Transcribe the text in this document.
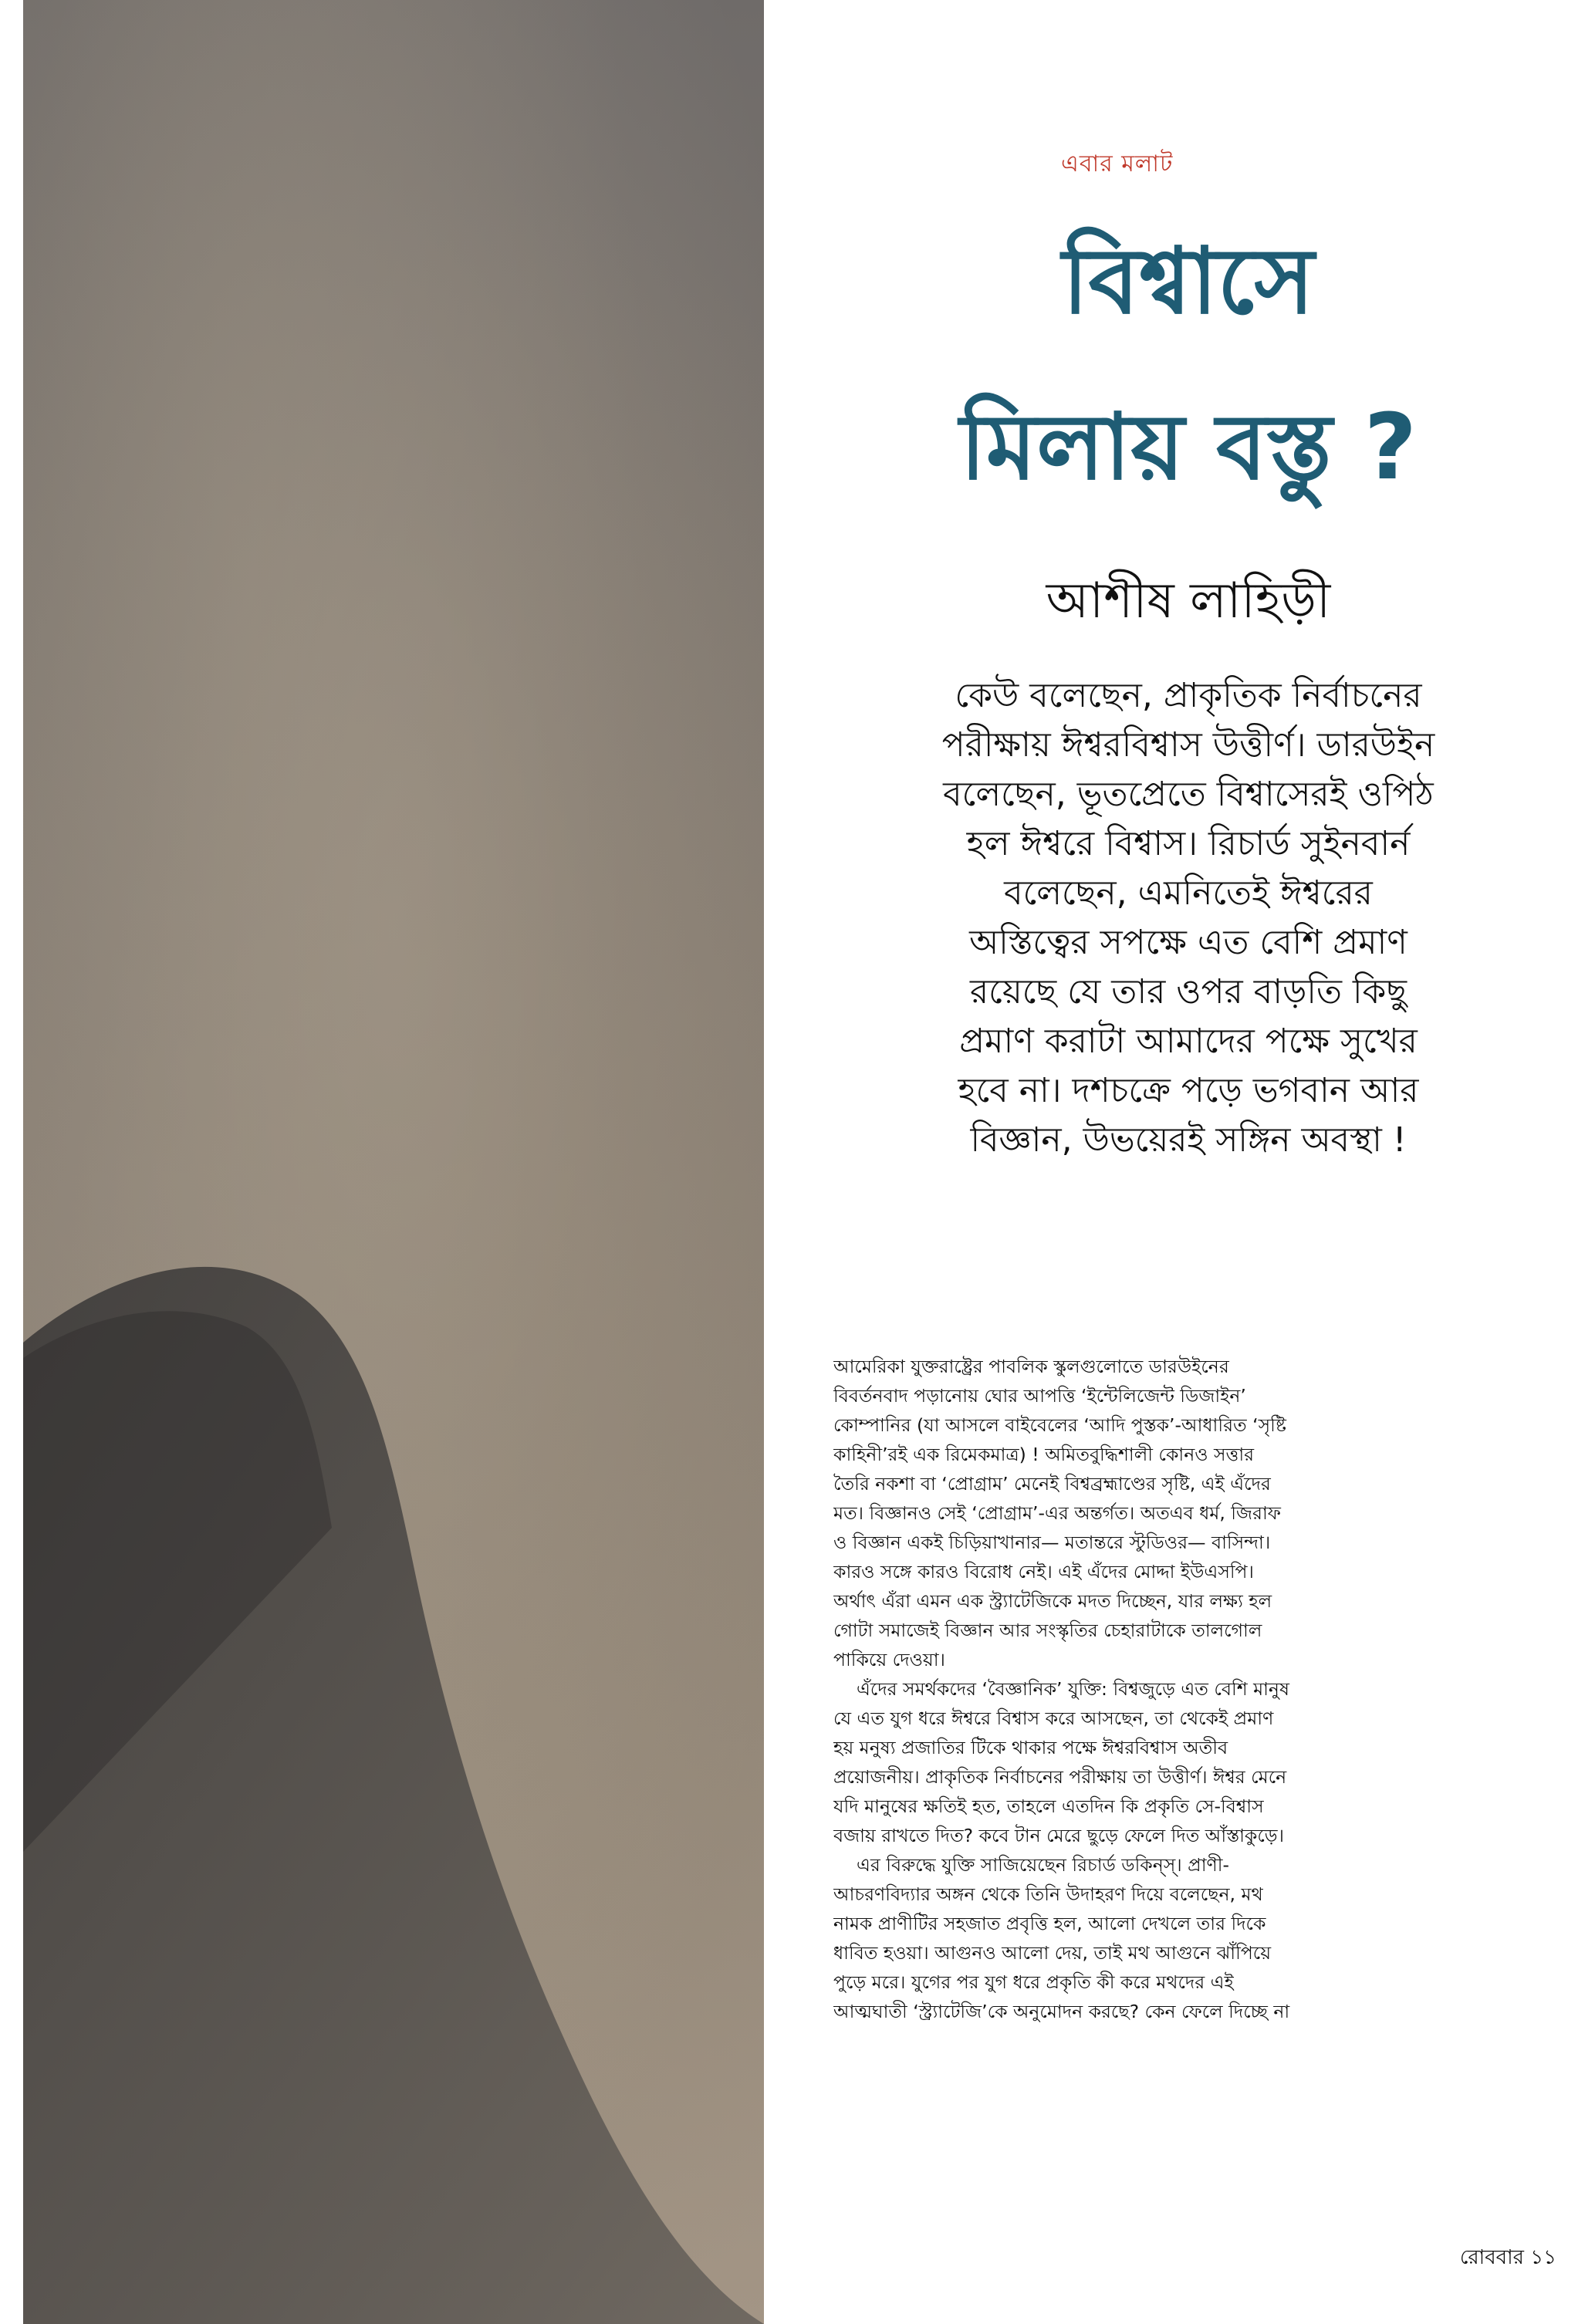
এবার মলাট
বিশ্বাসে
মিলায় বস্তু ?
আশীষ লাহিড়ী

কেউ বলেছেন, প্রাকৃতিক নির্বাচনের

পরীক্ষায় ঈশ্বরবিশ্বাস উত্তীর্ণ। ডারউইন

বলেছেন, ভূতপ্রেতে বিশ্বাসেরই ওপিঠ

হল ঈশ্বরে বিশ্বাস। রিচার্ড সুইনবার্ন

বলেছেন, এমনিতেই ঈশ্বরের

অস্তিত্বের সপক্ষে এত বেশি প্রমাণ

রয়েছে যে তার ওপর বাড়তি কিছু

প্রমাণ করাটা আমাদের পক্ষে সুখের

হবে না। দশচক্রে পড়ে ভগবান আর

বিজ্ঞান, উভয়েরই সঙ্গিন অবস্থা !

আমেরিকা যুক্তরাষ্ট্রের পাবলিক স্কুলগুলোতে ডারউইনের
বিবর্তনবাদ পড়ানোয় ঘোর আপত্তি ‘ইন্টেলিজেন্ট ডিজাইন’
কোম্পানির (যা আসলে বাইবেলের ‘আদি পুস্তক’-আধারিত ‘সৃষ্টি
কাহিনী’রই এক রিমেকমাত্র) ! অমিতবুদ্ধিশালী কোনও সত্তার
তৈরি নকশা বা ‘প্রোগ্রাম’ মেনেই বিশ্বব্রহ্মাণ্ডের সৃষ্টি, এই এঁদের
মত। বিজ্ঞানও সেই ‘প্রোগ্রাম’-এর অন্তর্গত। অতএব ধর্ম, জিরাফ
ও বিজ্ঞান একই চিড়িয়াখানার— মতান্তরে স্টুডিওর— বাসিন্দা।
কারও সঙ্গে কারও বিরোধ নেই। এই এঁদের মোদ্দা ইউএসপি।
অর্থাৎ এঁরা এমন এক স্ট্র্যাটেজিকে মদত দিচ্ছেন, যার লক্ষ্য হল
গোটা সমাজেই বিজ্ঞান আর সংস্কৃতির চেহারাটাকে তালগোল
পাকিয়ে দেওয়া।
এঁদের সমর্থকদের ‘বৈজ্ঞানিক’ যুক্তি: বিশ্বজুড়ে এত বেশি মানুষ
যে এত যুগ ধরে ঈশ্বরে বিশ্বাস করে আসছেন, তা থেকেই প্রমাণ
হয় মনুষ্য প্রজাতির টিকে থাকার পক্ষে ঈশ্বরবিশ্বাস অতীব
প্রয়োজনীয়। প্রাকৃতিক নির্বাচনের পরীক্ষায় তা উত্তীর্ণ। ঈশ্বর মেনে
যদি মানুষের ক্ষতিই হত, তাহলে এতদিন কি প্রকৃতি সে-বিশ্বাস
বজায় রাখতে দিত? কবে টান মেরে ছুড়ে ফেলে দিত আঁস্তাকুড়ে।
এর বিরুদ্ধে যুক্তি সাজিয়েছেন রিচার্ড ডকিন্স্। প্রাণী-
আচরণবিদ্যার অঙ্গন থেকে তিনি উদাহরণ দিয়ে বলেছেন, মথ
নামক প্রাণীটির সহজাত প্রবৃত্তি হল, আলো দেখলে তার দিকে
ধাবিত হওয়া। আগুনও আলো দেয়, তাই মথ আগুনে ঝাঁপিয়ে
পুড়ে মরে। যুগের পর যুগ ধরে প্রকৃতি কী করে মথদের এই
আত্মঘাতী ‘স্ট্র্যাটেজি’কে অনুমোদন করছে? কেন ফেলে দিচ্ছে না
রোববার ১১
